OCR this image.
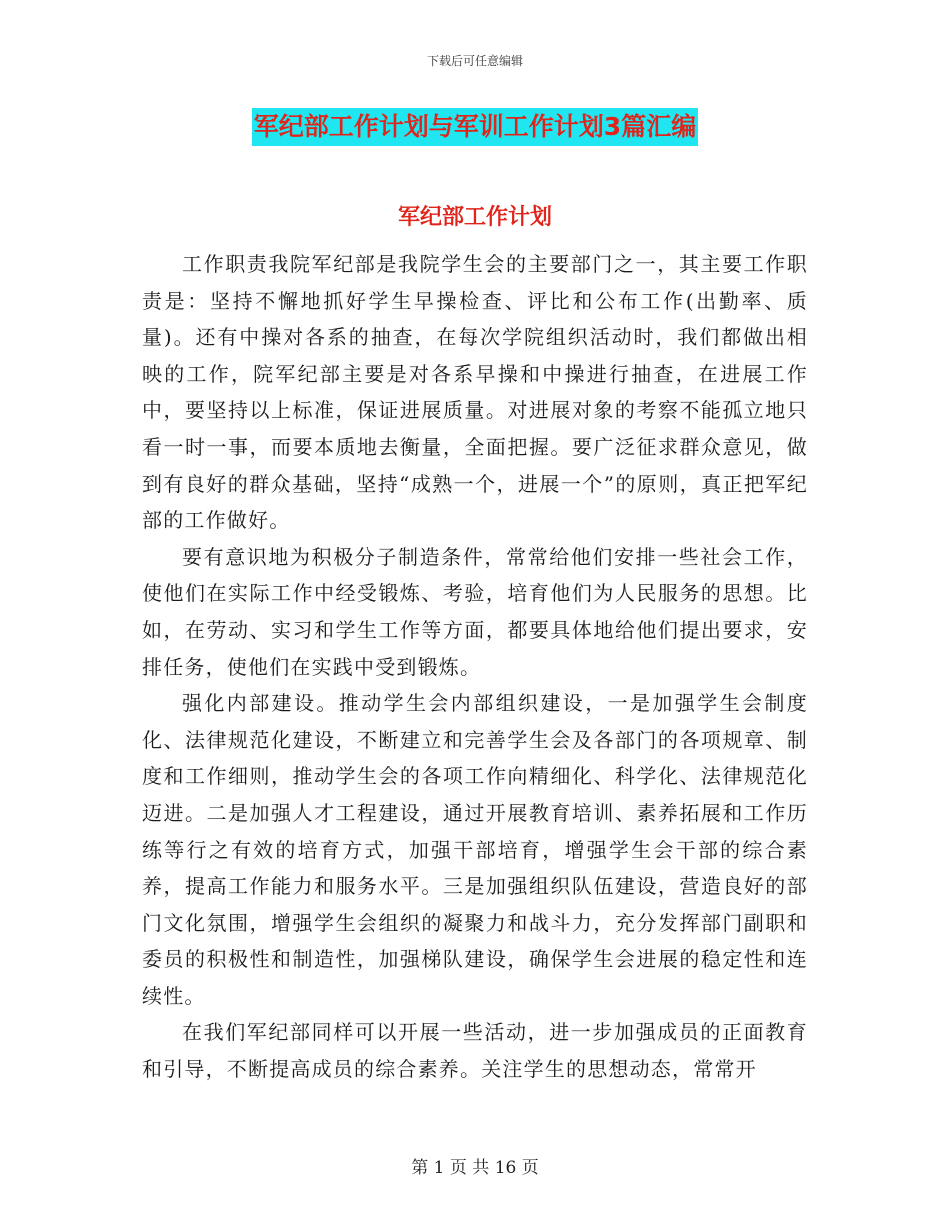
下载后可任意编辑
军纪部工作计划与军训工作计划3篇汇编
军纪部工作计划

工作职责我院军纪部是我院学生会的主要部门之一，其主要工作职责是：坚持不懈地抓好学生早操检查、评比和公布工作(出勤率、质量)。还有中操对各系的抽查，在每次学院组织活动时，我们都做出相映的工作，院军纪部主要是对各系早操和中操进行抽查，在进展工作中，要坚持以上标准，保证进展质量。对进展对象的考察不能孤立地只看一时一事，而要本质地去衡量，全面把握。要广泛征求群众意见，做到有良好的群众基础，坚持“成熟一个，进展一个”的原则，真正把军纪部的工作做好。

要有意识地为积极分子制造条件，常常给他们安排一些社会工作，使他们在实际工作中经受锻炼、考验，培育他们为人民服务的思想。比如，在劳动、实习和学生工作等方面，都要具体地给他们提出要求，安排任务，使他们在实践中受到锻炼。

强化内部建设。推动学生会内部组织建设，一是加强学生会制度化、法律规范化建设，不断建立和完善学生会及各部门的各项规章、制度和工作细则，推动学生会的各项工作向精细化、科学化、法律规范化迈进。二是加强人才工程建设，通过开展教育培训、素养拓展和工作历练等行之有效的培育方式，加强干部培育，增强学生会干部的综合素养，提高工作能力和服务水平。三是加强组织队伍建设，营造良好的部门文化氛围，增强学生会组织的凝聚力和战斗力，充分发挥部门副职和委员的积极性和制造性，加强梯队建设，确保学生会进展的稳定性和连续性。

在我们军纪部同样可以开展一些活动，进一步加强成员的正面教育和引导，不断提高成员的综合素养。关注学生的思想动态，常常开

第 1 页 共 16 页
